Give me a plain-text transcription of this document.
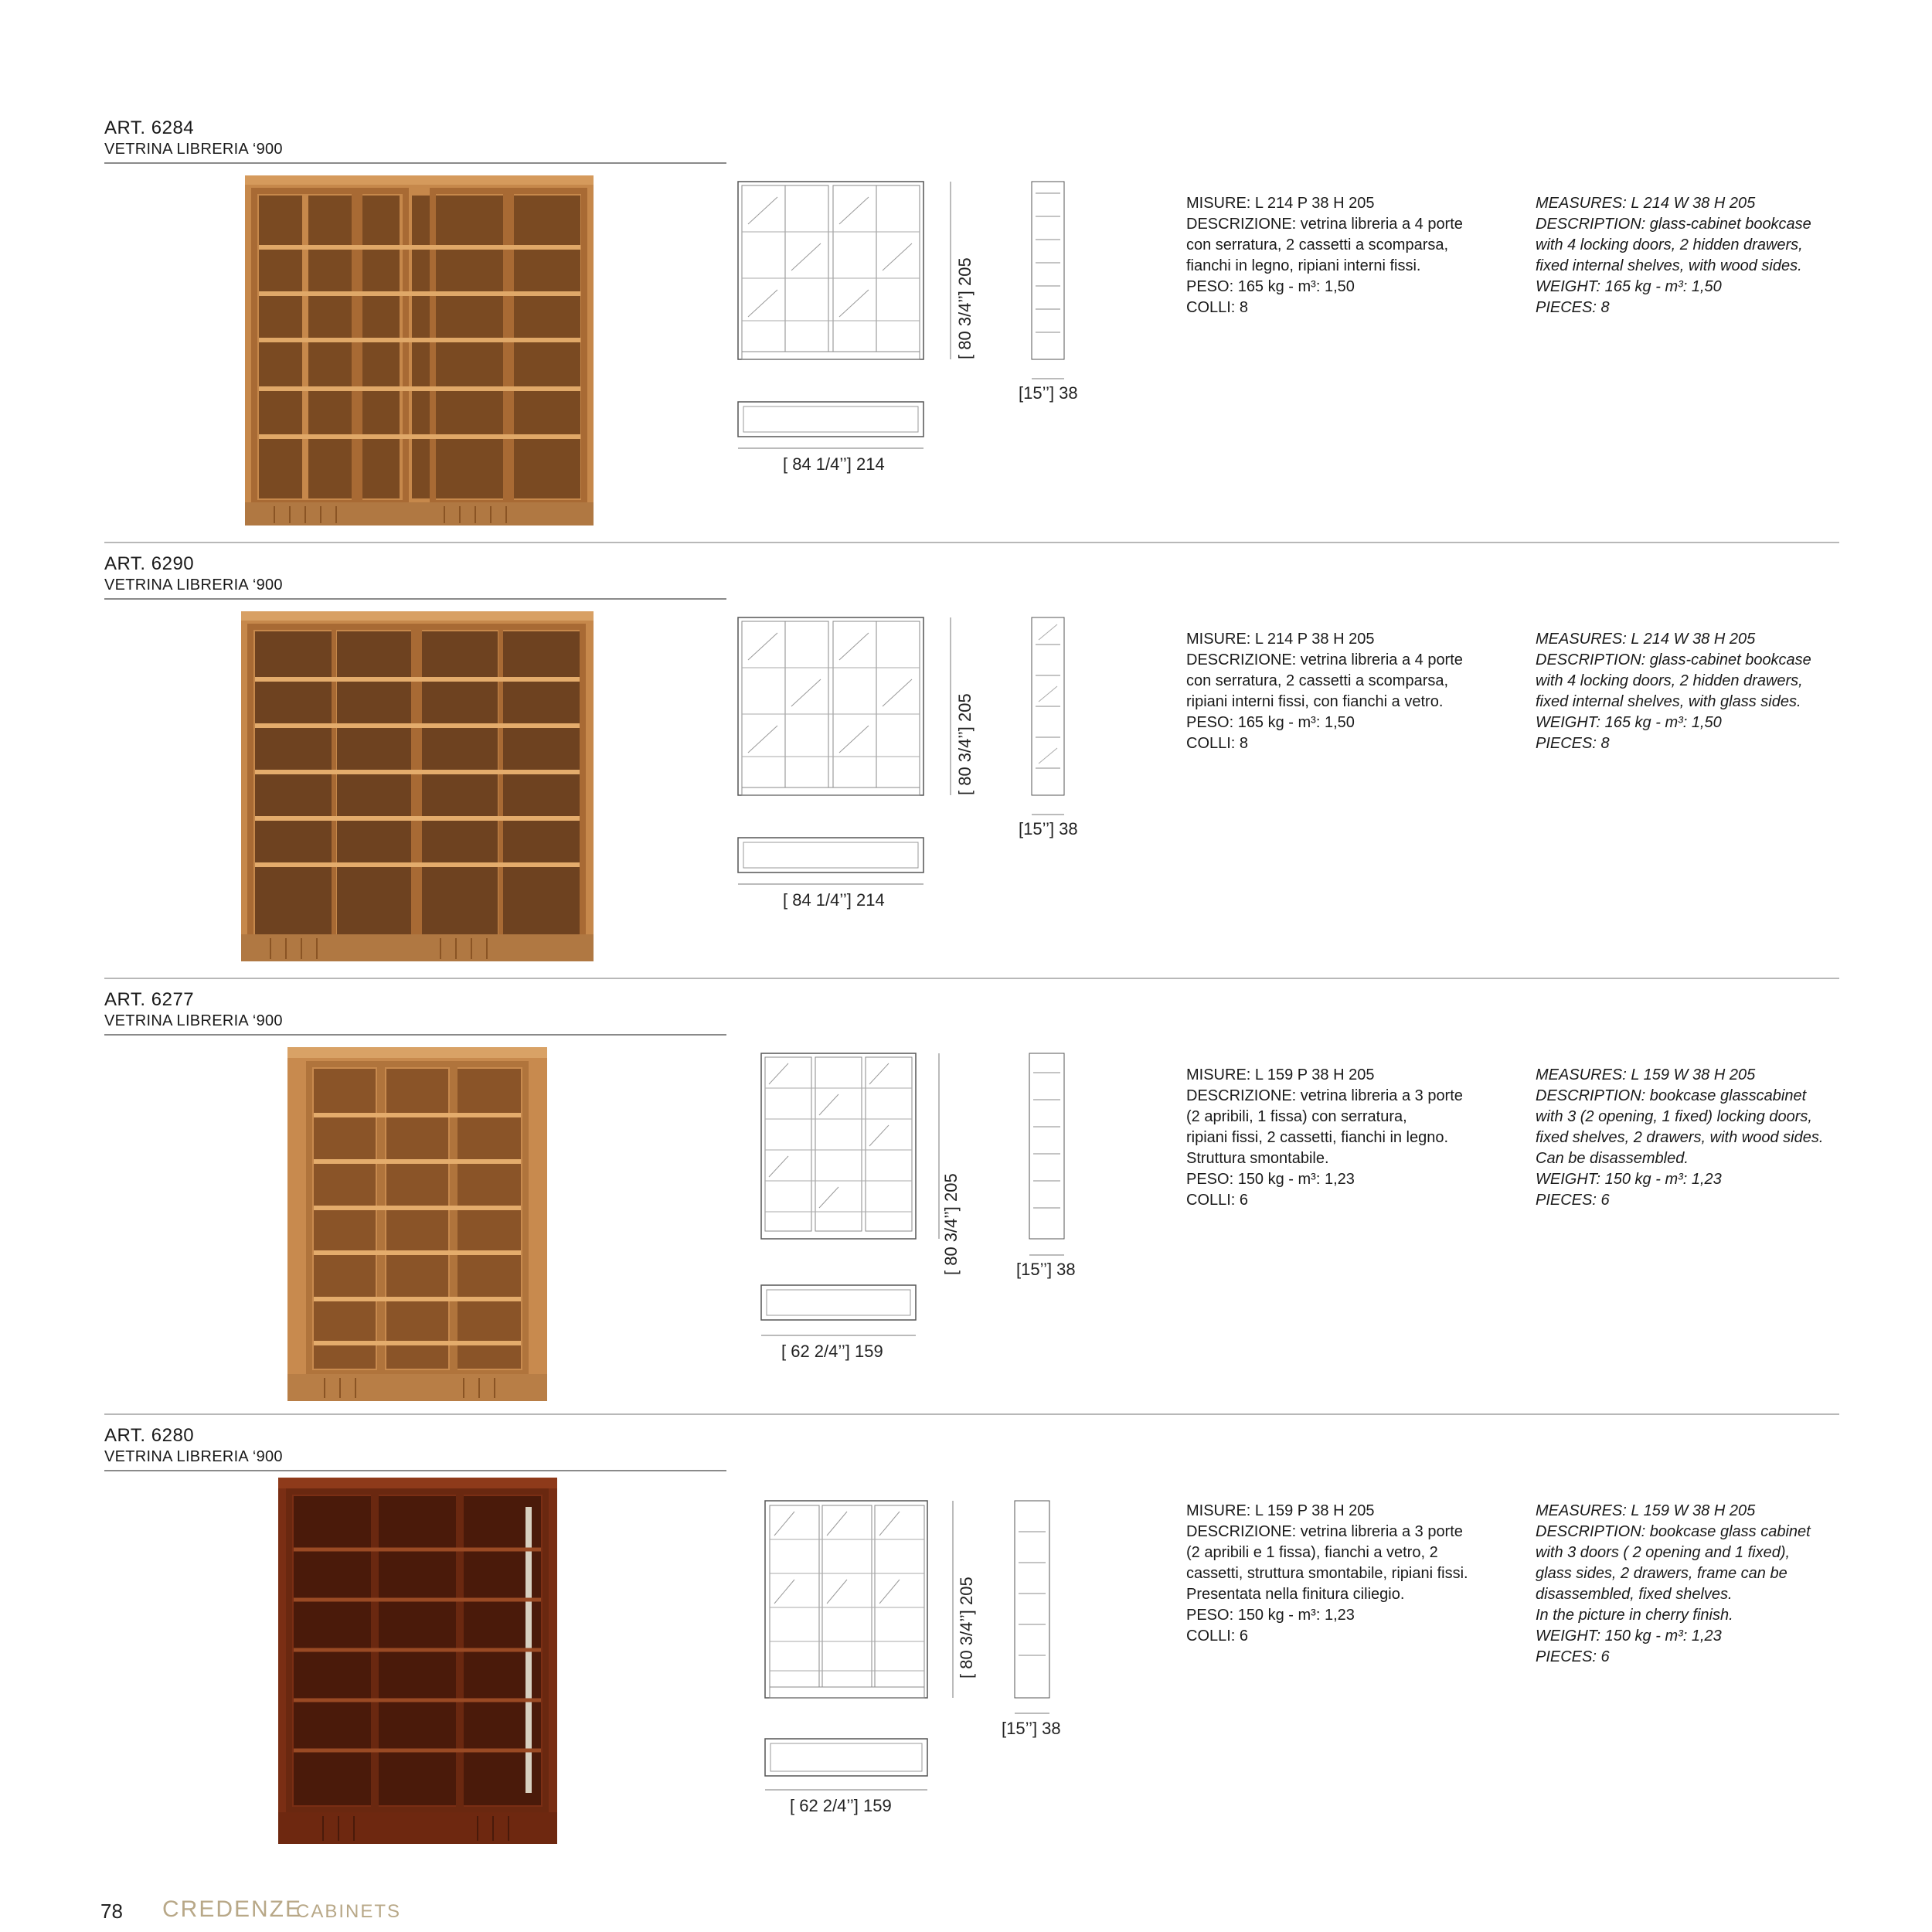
ART. 6284
VETRINA LIBRERIA ‘900
[ 80 3/4’’] 205
[15’’] 38
[ 84 1/4’’] 214
MISURE: L 214 P 38 H 205
DESCRIZIONE: vetrina libreria a 4 porte
con serratura, 2 cassetti a scomparsa,
fianchi in legno, ripiani interni fissi.
PESO: 165 kg - m³: 1,50
COLLI: 8
MEASURES: L 214 W 38 H 205
DESCRIPTION: glass-cabinet bookcase
with 4 locking doors, 2 hidden drawers,
fixed internal shelves, with wood sides.
WEIGHT: 165 kg - m³: 1,50
PIECES: 8
ART. 6290
VETRINA LIBRERIA ‘900
[ 80 3/4’’] 205
[15’’] 38
[ 84 1/4’’] 214
MISURE: L 214 P 38 H 205
DESCRIZIONE: vetrina libreria a 4 porte
con serratura, 2 cassetti a scomparsa,
ripiani interni fissi, con fianchi a vetro.
PESO: 165 kg - m³: 1,50
COLLI: 8
MEASURES: L 214 W 38 H 205
DESCRIPTION: glass-cabinet bookcase
with 4 locking doors, 2 hidden drawers,
fixed internal shelves, with glass sides.
WEIGHT: 165 kg - m³: 1,50
PIECES: 8
ART. 6277
VETRINA LIBRERIA ‘900
[ 80 3/4’’] 205	[15’’] 38
[ 62 2/4’’] 159
MISURE: L 159 P 38 H 205
DESCRIZIONE: vetrina libreria a 3 porte
(2 apribili, 1 fissa) con serratura,
ripiani fissi, 2 cassetti, fianchi in legno.
Struttura smontabile.
PESO: 150 kg - m³: 1,23
COLLI: 6
MEASURES: L 159 W 38 H 205
DESCRIPTION: bookcase glasscabinet
with 3 (2 opening, 1 fixed) locking doors,
fixed shelves, 2 drawers, with wood sides.
Can be disassembled.
WEIGHT: 150 kg - m³: 1,23
PIECES: 6
ART. 6280
VETRINA LIBRERIA ‘900
[ 80 3/4’’] 205
[15’’] 38
[ 62 2/4’’] 159
MISURE: L 159 P 38 H 205
DESCRIZIONE: vetrina libreria a 3 porte
(2 apribili e 1 fissa), fianchi a vetro, 2
cassetti, struttura smontabile, ripiani fissi.
Presentata nella finitura ciliegio.
PESO: 150 kg - m³: 1,23
COLLI: 6
MEASURES: L 159 W 38 H 205
DESCRIPTION: bookcase glass cabinet
with 3 doors ( 2 opening and 1 fixed),
glass sides, 2 drawers, frame can be
disassembled, fixed shelves.
In the picture in cherry finish.
WEIGHT: 150 kg - m³: 1,23
PIECES: 6
78 CREDENZE
CABINETS
